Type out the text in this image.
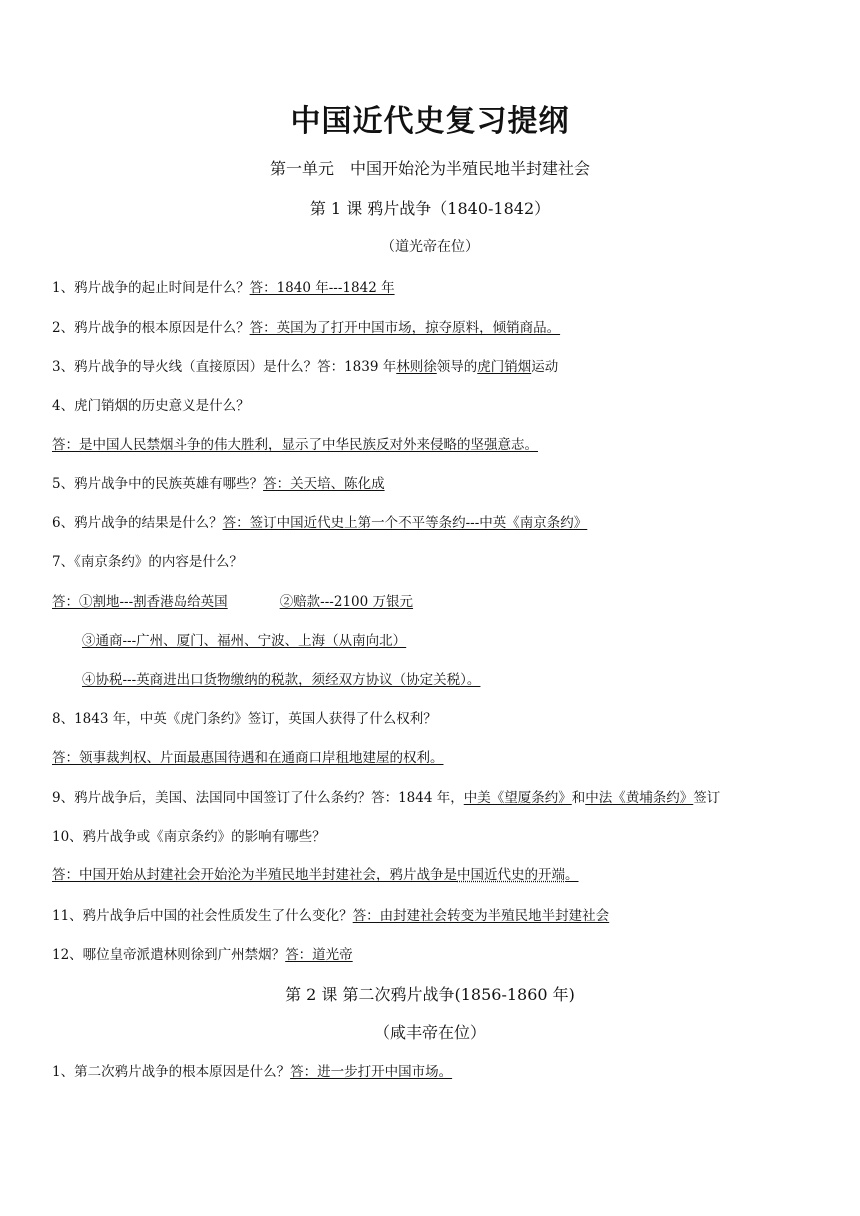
中国近代史复习提纲
第一单元　中国开始沦为半殖民地半封建社会
第 1 课 鸦片战争（1840-1842）
（道光帝在位）
1、鸦片战争的起止时间是什么？答：1840 年---1842 年
2、鸦片战争的根本原因是什么？答：英国为了打开中国市场，掠夺原料，倾销商品。
3、鸦片战争的导火线（直接原因）是什么？答：1839 年林则徐领导的虎门销烟运动
4、虎门销烟的历史意义是什么？
答：是中国人民禁烟斗争的伟大胜利，显示了中华民族反对外来侵略的坚强意志。
5、鸦片战争中的民族英雄有哪些？答：关天培、陈化成
6、鸦片战争的结果是什么？答：签订中国近代史上第一个不平等条约---中英《南京条约》
7、《南京条约》的内容是什么？
答：①割地---割香港岛给英国	②赔款---2100 万银元
③通商---广州、厦门、福州、宁波、上海（从南向北）
④协税---英商进出口货物缴纳的税款，须经双方协议（协定关税）。
8、1843 年，中英《虎门条约》签订，英国人获得了什么权利？
答：领事裁判权、片面最惠国待遇和在通商口岸租地建屋的权利。
9、鸦片战争后，美国、法国同中国签订了什么条约？答：1844 年，中美《望厦条约》和中法《黄埔条约》签订
10、鸦片战争或《南京条约》的影响有哪些？
答：中国开始从封建社会开始沦为半殖民地半封建社会，鸦片战争是中国近代史的开端。
11、鸦片战争后中国的社会性质发生了什么变化？答：由封建社会转变为半殖民地半封建社会
12、哪位皇帝派遣林则徐到广州禁烟？答：道光帝
第 2 课 第二次鸦片战争(1856-1860 年)
（咸丰帝在位）
1、第二次鸦片战争的根本原因是什么？答：进一步打开中国市场。
